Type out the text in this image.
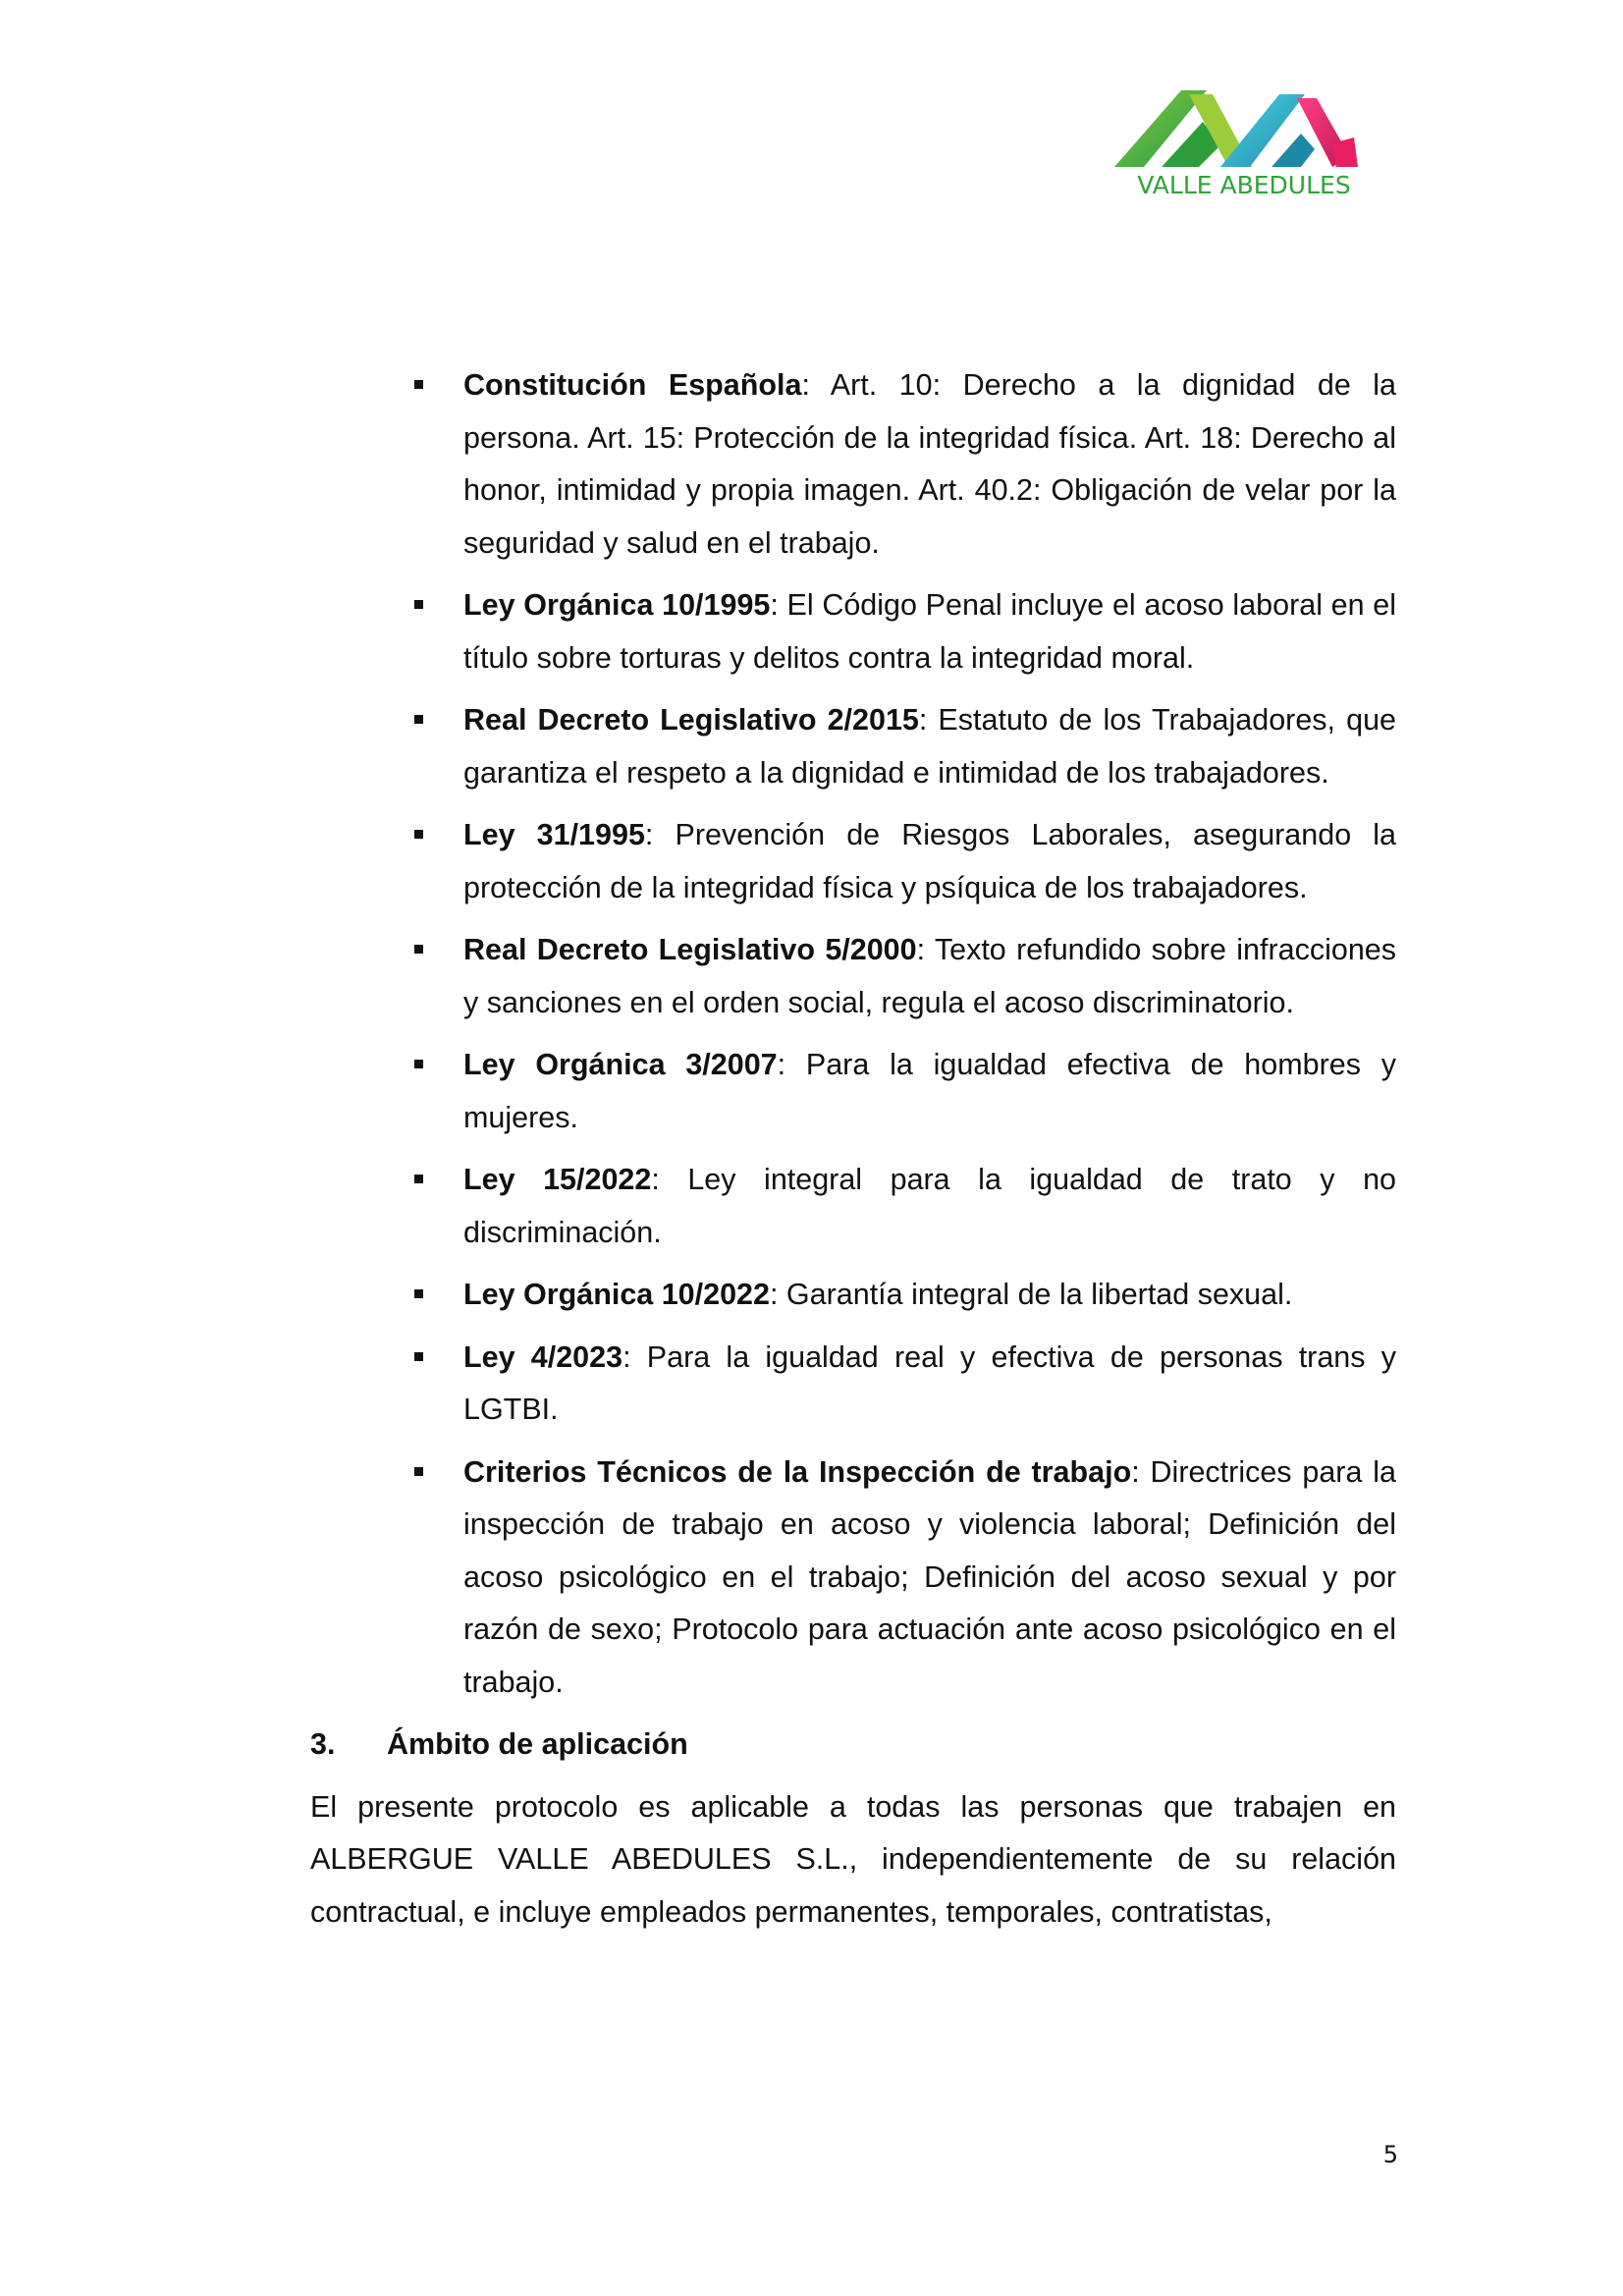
VALLE ABEDULES
Constitución Española: Art. 10: Derecho a la dignidad de la persona. Art. 15: Protección de la integridad física. Art. 18: Derecho al honor, intimidad y propia imagen. Art. 40.2: Obligación de velar por la seguridad y salud en el trabajo.
Ley Orgánica 10/1995: El Código Penal incluye el acoso laboral en el título sobre torturas y delitos contra la integridad moral.
Real Decreto Legislativo 2/2015: Estatuto de los Trabajadores, que garantiza el respeto a la dignidad e intimidad de los trabajadores.
Ley 31/1995: Prevención de Riesgos Laborales, asegurando la protección de la integridad física y psíquica de los trabajadores.
Real Decreto Legislativo 5/2000: Texto refundido sobre infracciones y sanciones en el orden social, regula el acoso discriminatorio.
Ley Orgánica 3/2007: Para la igualdad efectiva de hombres y mujeres.
Ley 15/2022: Ley integral para la igualdad de trato y no discriminación.
Ley Orgánica 10/2022: Garantía integral de la libertad sexual.
Ley 4/2023: Para la igualdad real y efectiva de personas trans y LGTBI.
Criterios Técnicos de la Inspección de trabajo: Directrices para la inspección de trabajo en acoso y violencia laboral; Definición del acoso psicológico en el trabajo; Definición del acoso sexual y por razón de sexo; Protocolo para actuación ante acoso psicológico en el trabajo.
3.	Ámbito de aplicación

El presente protocolo es aplicable a todas las personas que trabajen en ALBERGUE VALLE ABEDULES S.L., independientemente de su relación contractual, e incluye empleados permanentes, temporales, contratistas,

5
